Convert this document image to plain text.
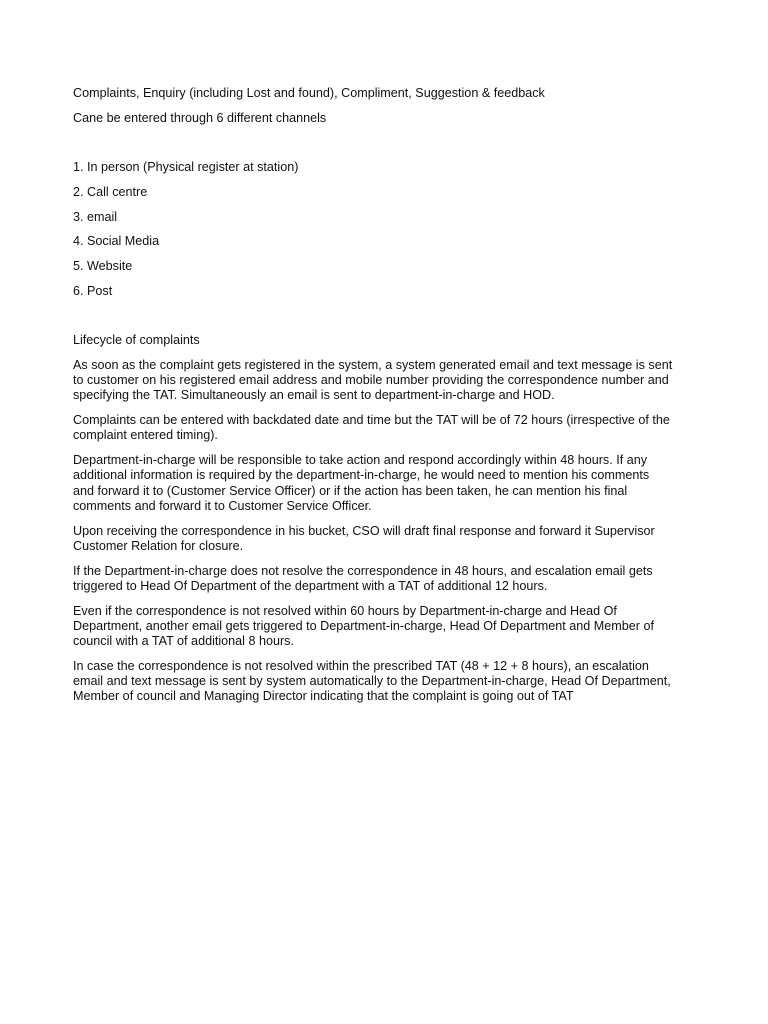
Complaints, Enquiry (including Lost and found), Compliment, Suggestion & feedback

Cane be entered through 6 different channels

1. In person (Physical register at station)
2. Call centre
3. email
4. Social Media
5. Website
6. Post

Lifecycle of complaints

As soon as the complaint gets registered in the system, a system generated email and text message is sent to customer on his registered email address and mobile number providing the correspondence number and specifying the TAT. Simultaneously an email is sent to department-in-charge and HOD.

Complaints can be entered with backdated date and time but the TAT will be of 72 hours (irrespective of the complaint entered timing).

Department-in-charge will be responsible to take action and respond accordingly within 48 hours. If any additional information is required by the department-in-charge, he would need to mention his comments and forward it to (Customer Service Officer) or if the action has been taken, he can mention his final comments and forward it to Customer Service Officer.

Upon receiving the correspondence in his bucket, CSO will draft final response and forward it Supervisor Customer Relation for closure.

If the Department-in-charge does not resolve the correspondence in 48 hours, and escalation email gets triggered to Head Of Department of the department with a TAT of additional 12 hours.

Even if the correspondence is not resolved within 60 hours by Department-in-charge and Head Of Department, another email gets triggered to Department-in-charge, Head Of Department and Member of council with a TAT of additional 8 hours.

In case the correspondence is not resolved within the prescribed TAT (48 + 12 + 8 hours), an escalation email and text message is sent by system automatically to the Department-in-charge, Head Of Department, Member of council and Managing Director indicating that the complaint is going out of TAT
